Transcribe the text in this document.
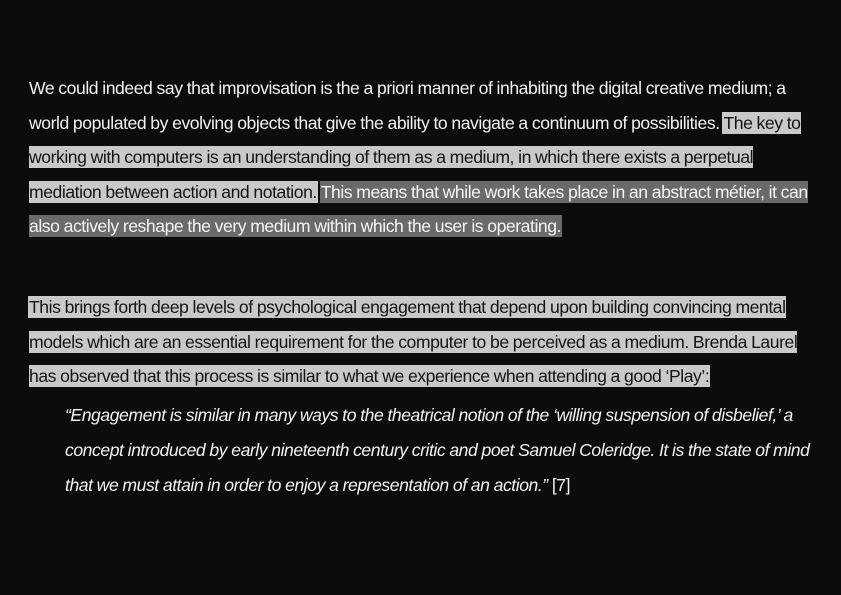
We could indeed say that improvisation is the a priori manner of inhabiting the digital creative medium; a world populated by evolving objects that give the ability to navigate a continuum of possibilities. The key to working with computers is an understanding of them as a medium, in which there exists a perpetual mediation between action and notation. This means that while work takes place in an abstract métier, it can also actively reshape the very medium within which the user is operating.

This brings forth deep levels of psychological engagement that depend upon building convincing mental models which are an essential requirement for the computer to be perceived as a medium. Brenda Laurel has observed that this process is similar to what we experience when attending a good ‘Play’:

“Engagement is similar in many ways to the theatrical notion of the ‘willing suspension of disbelief,’ a concept introduced by early nineteenth century critic and poet Samuel Coleridge. It is the state of mind that we must attain in order to enjoy a representation of an action.” [7]
